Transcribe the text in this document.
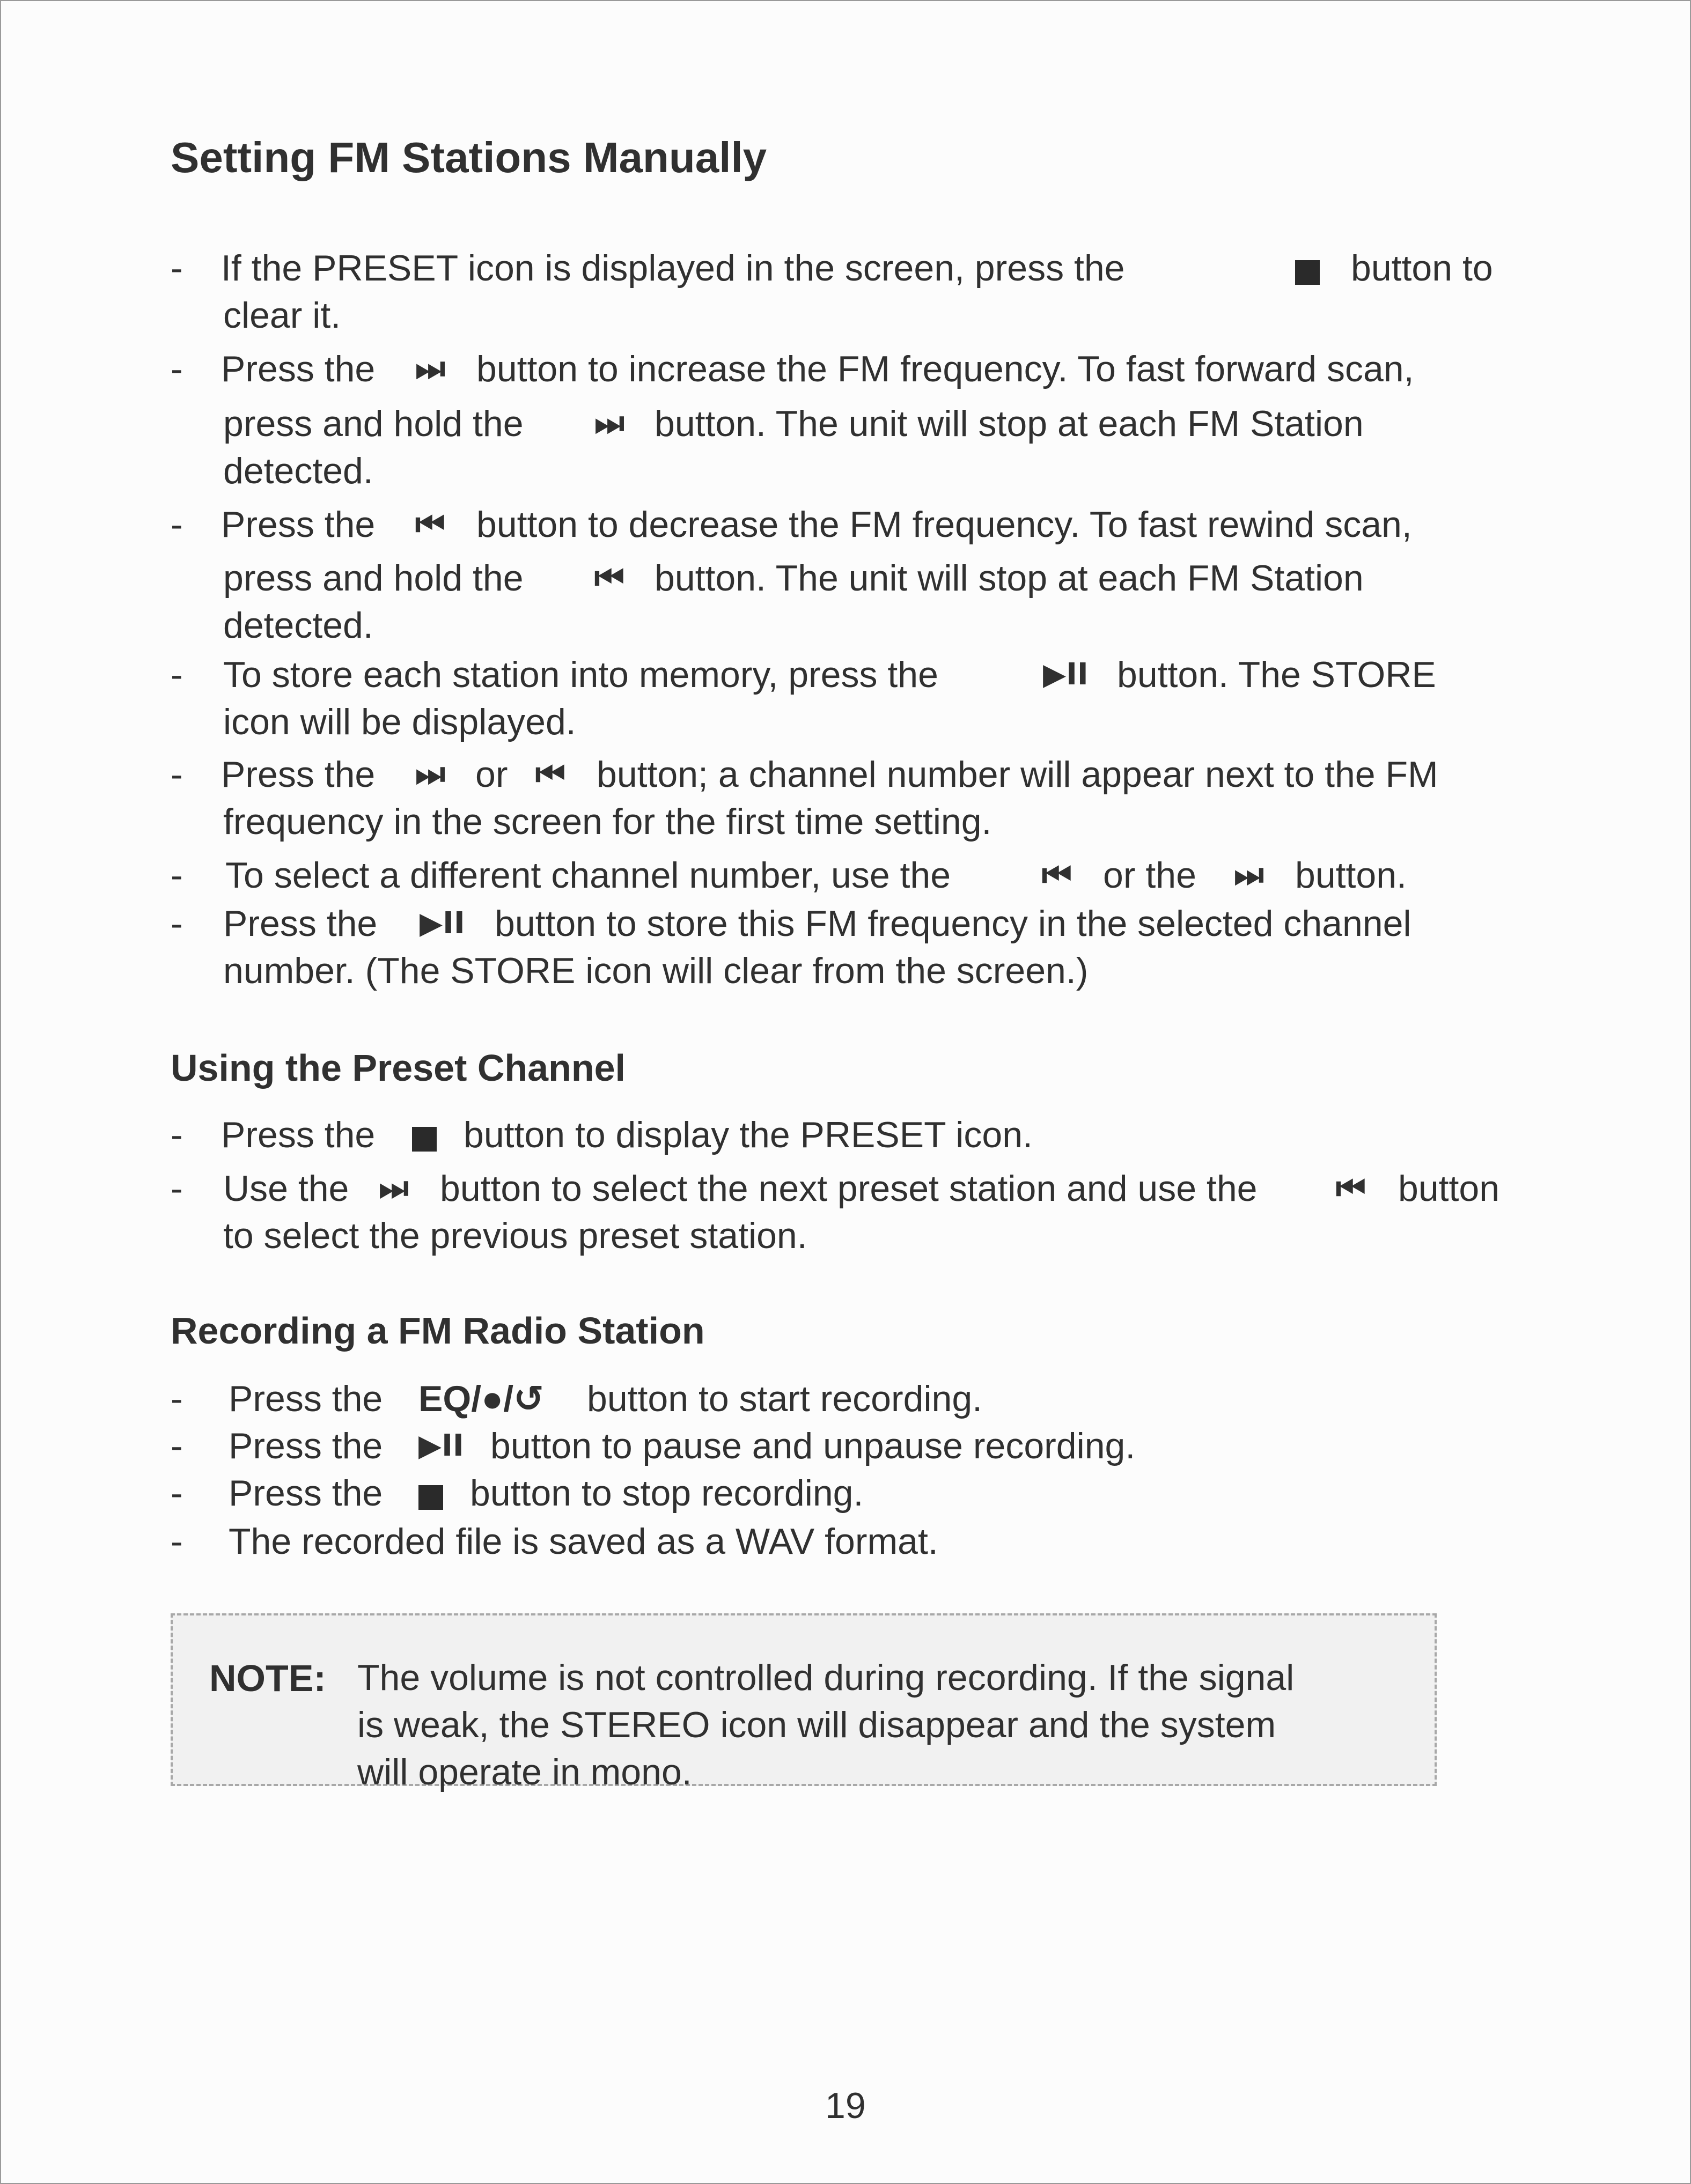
Setting FM Stations Manually
- If the PRESET icon is displayed in the screen, press the	button to
clear it.
- Press the ⏭ button to increase the FM frequency. To fast forward scan,
press and hold the ⏭ button. The unit will stop at each FM Station
detected.
- Press the ⏮ button to decrease the FM frequency. To fast rewind scan,
press and hold the ⏮ button. The unit will stop at each FM Station
detected.
- To store each station into memory, press the	▶II button. The STORE
icon will be displayed.
- Press the ⏭ or ⏮ button; a channel number will appear next to the FM
frequency in the screen for the first time setting.
- To select a different channel number, use the	⏮ or the ⏭ button.
- Press the ▶II button to store this FM frequency in the selected channel
number. (The STORE icon will clear from the screen.)
Using the Preset Channel
- Press the button to display the PRESET icon.
- Use the ⏭ button to select the next preset station and use the ⏮ button
to select the previous preset station.
Recording a FM Radio Station
- Press the EQ/●/↺ button to start recording.
- Press the ▶II button to pause and unpause recording.
- Press the button to stop recording.
- The recorded file is saved as a WAV format.
NOTE: The volume is not controlled during recording. If the signal
is weak, the STEREO icon will disappear and the system
will operate in mono.
19
